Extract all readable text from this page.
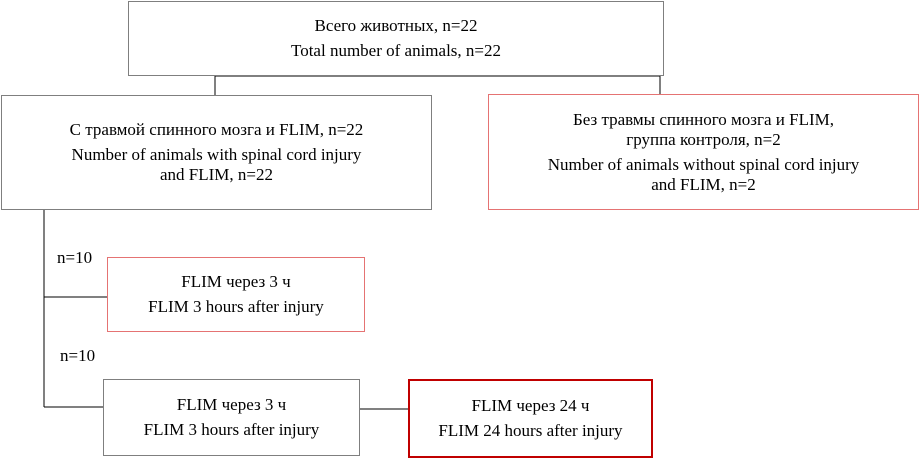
Всего животных, n=22
Total number of animals, n=22
С травмой спинного мозга и FLIM, n=22
Number of animals with spinal cord injury
and FLIM, n=22
Без травмы спинного мозга и FLIM,
группа контроля, n=2
Number of animals without spinal cord injury
and FLIM, n=2
n=10
FLIM через 3 ч
FLIM 3 hours after injury
n=10
FLIM через 3 ч
FLIM 3 hours after injury
FLIM через 24 ч
FLIM 24 hours after injury
